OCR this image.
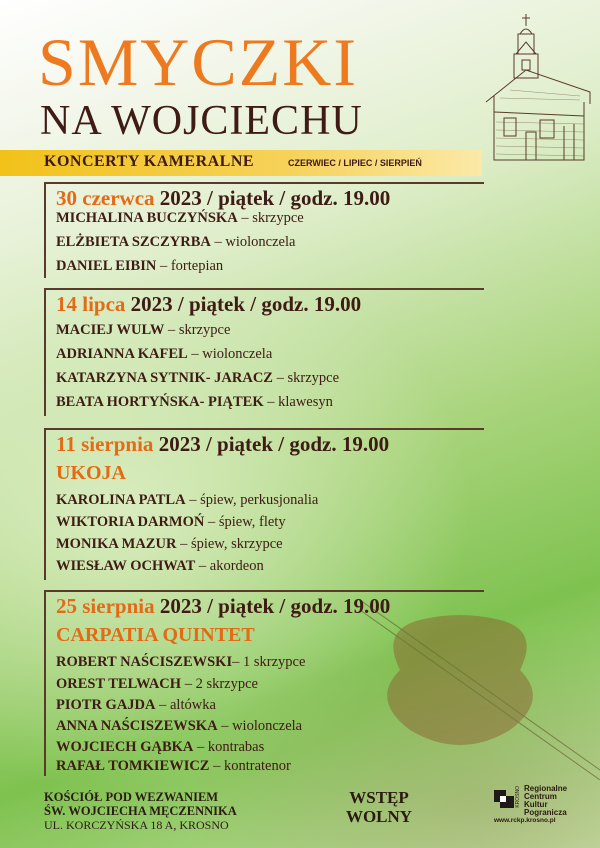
SMYCZKI
NA WOJCIECHU
KONCERTY KAMERALNE	CZERWIEC / LIPIEC / SIERPIEŃ
30 czerwca 2023 / piątek / godz. 19.00
MICHALINA BUCZYŃSKA – skrzypce
ELŻBIETA SZCZYRBA – wiolonczela
DANIEL EIBIN – fortepian
14 lipca 2023 / piątek / godz. 19.00
MACIEJ WULW – skrzypce
ADRIANNA KAFEL – wiolonczela
KATARZYNA SYTNIK- JARACZ – skrzypce
BEATA HORTYŃSKA- PIĄTEK – klawesyn
11 sierpnia 2023 / piątek / godz. 19.00
UKOJA
KAROLINA PATLA – śpiew, perkusjonalia
WIKTORIA DARMOŃ – śpiew, flety
MONIKA MAZUR – śpiew, skrzypce
WIESŁAW OCHWAT – akordeon
25 sierpnia 2023 / piątek / godz. 19.00
CARPATIA QUINTET
ROBERT NAŚCISZEWSKI– 1 skrzypce
OREST TELWACH – 2 skrzypce
PIOTR GAJDA – altówka
ANNA NAŚCISZEWSKA – wiolonczela
WOJCIECH GĄBKA – kontrabas
RAFAŁ TOMKIEWICZ – kontratenor
KOŚCIÓŁ POD WEZWANIEM
ŚW. WOJCIECHA MĘCZENNIKA
UL. KORCZYŃSKA 18 A, KROSNO
WSTĘP
WOLNY
KROSNO Regionalne
Centrum
Kultur
Pogranicza
www.rckp.krosno.pl
